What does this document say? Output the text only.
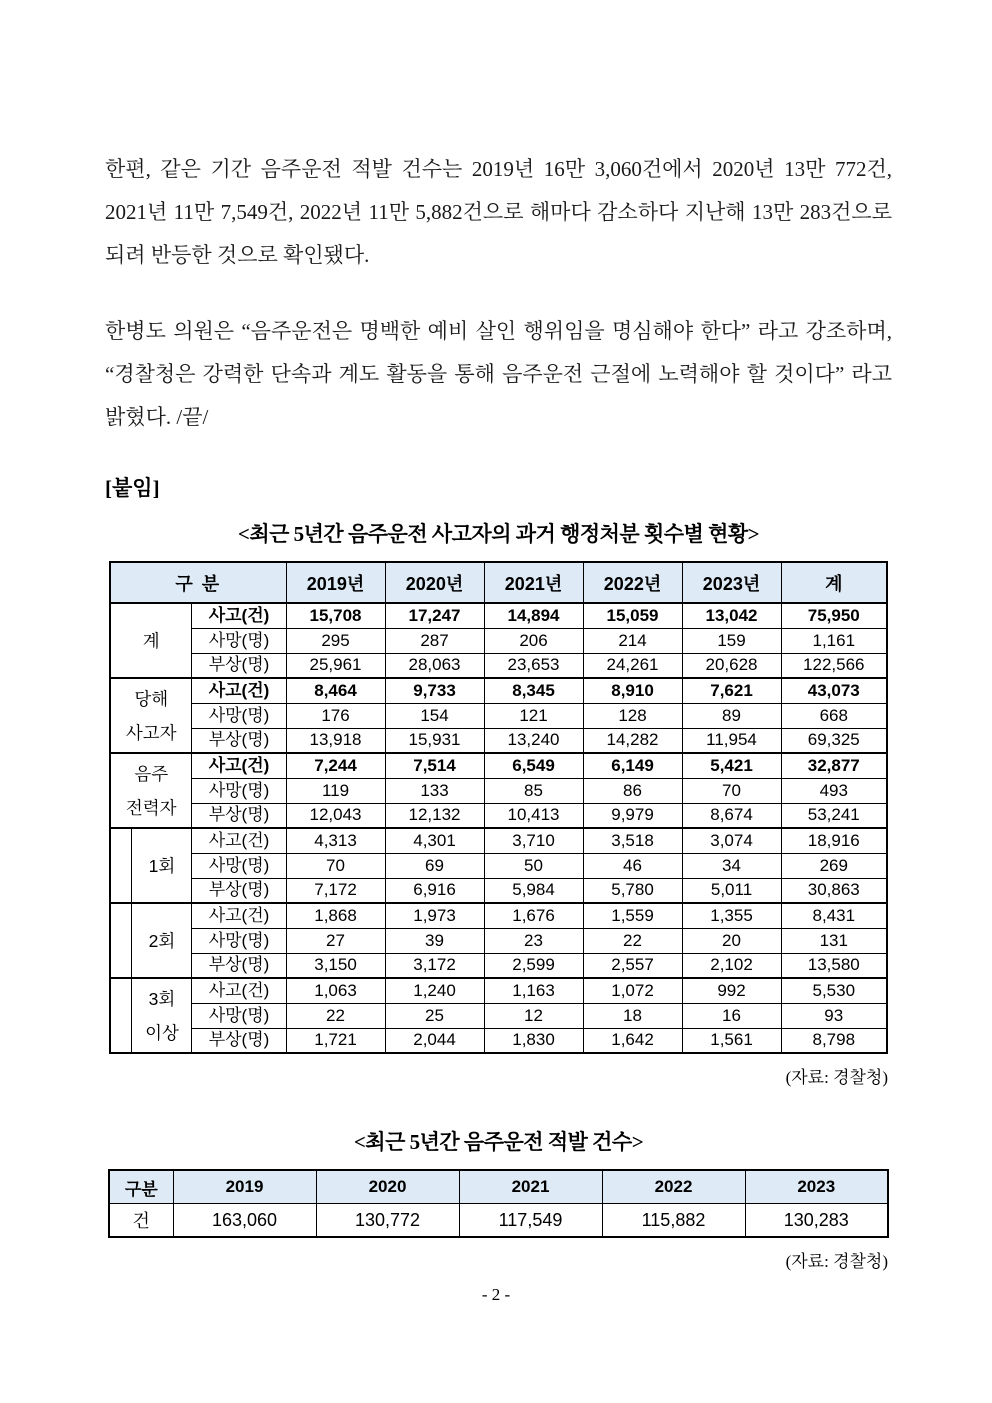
한편, 같은 기간 음주운전 적발 건수는 2019년 16만 3,060건에서 2020년 13만 772건, 2021년 11만 7,549건, 2022년 11만 5,882건으로 해마다 감소하다 지난해 13만 283건으로 되려 반등한 것으로 확인됐다.

한병도 의원은 “음주운전은 명백한 예비 살인 행위임을 명심해야 한다” 라고 강조하며, “경찰청은 강력한 단속과 계도 활동을 통해 음주운전 근절에 노력해야 할 것이다” 라고 밝혔다. /끝/

[붙임]
<최근 5년간 음주운전 사고자의 과거 행정처분 횟수별 현황>
구 분			2019년	2020년	2021년	2022년	2023년	계
계		사고(건)	15,708	17,247	14,894	15,059	13,042	75,950
		사망(명)	295	287	206	214	159	1,161
		부상(명)	25,961	28,063	23,653	24,261	20,628	122,566
당해 사고자		사고(건)	8,464	9,733	8,345	8,910	7,621	43,073
		사망(명)	176	154	121	128	89	668
		부상(명)	13,918	15,931	13,240	14,282	11,954	69,325
음주 전력자		사고(건)	7,244	7,514	6,549	6,149	5,421	32,877
		사망(명)	119	133	85	86	70	493
		부상(명)	12,043	12,132	10,413	9,979	8,674	53,241
	1회	사고(건)	4,313	4,301	3,710	3,518	3,074	18,916
		사망(명)	70	69	50	46	34	269
		부상(명)	7,172	6,916	5,984	5,780	5,011	30,863
	2회	사고(건)	1,868	1,973	1,676	1,559	1,355	8,431
		사망(명)	27	39	23	22	20	131
		부상(명)	3,150	3,172	2,599	2,557	2,102	13,580
	3회 이상	사고(건)	1,063	1,240	1,163	1,072	992	5,530
		사망(명)	22	25	12	18	16	93
		부상(명)	1,721	2,044	1,830	1,642	1,561	8,798
(자료: 경찰청)
<최근 5년간 음주운전 적발 건수>
구분	2019	2020	2021	2022	2023
건	163,060	130,772	117,549	115,882	130,283
(자료: 경찰청)
- 2 -
